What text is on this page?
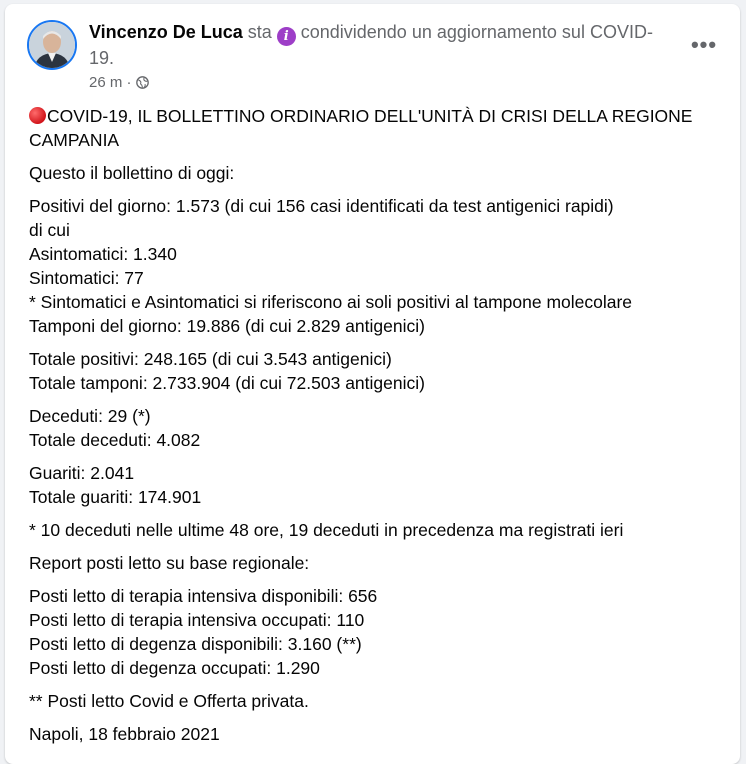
Vincenzo De Luca sta i condividendo un aggiornamento sul COVID-19.
26 m ·
•••

COVID-19, IL BOLLETTINO ORDINARIO DELL'UNITÀ DI CRISI DELLA REGIONE CAMPANIA

Questo il bollettino di oggi:

Positivi del giorno: 1.573 (di cui 156 casi identificati da test antigenici rapidi)
di cui
Asintomatici: 1.340
Sintomatici: 77
* Sintomatici e Asintomatici si riferiscono ai soli positivi al tampone molecolare
Tamponi del giorno: 19.886 (di cui 2.829 antigenici)

Totale positivi: 248.165 (di cui 3.543 antigenici)
Totale tamponi: 2.733.904 (di cui 72.503 antigenici)

Deceduti: 29 (*)
Totale deceduti: 4.082

Guariti: 2.041
Totale guariti: 174.901

* 10 deceduti nelle ultime 48 ore, 19 deceduti in precedenza ma registrati ieri

Report posti letto su base regionale:

Posti letto di terapia intensiva disponibili: 656
Posti letto di terapia intensiva occupati: 110
Posti letto di degenza disponibili: 3.160 (**)
Posti letto di degenza occupati: 1.290

** Posti letto Covid e Offerta privata.

Napoli, 18 febbraio 2021
